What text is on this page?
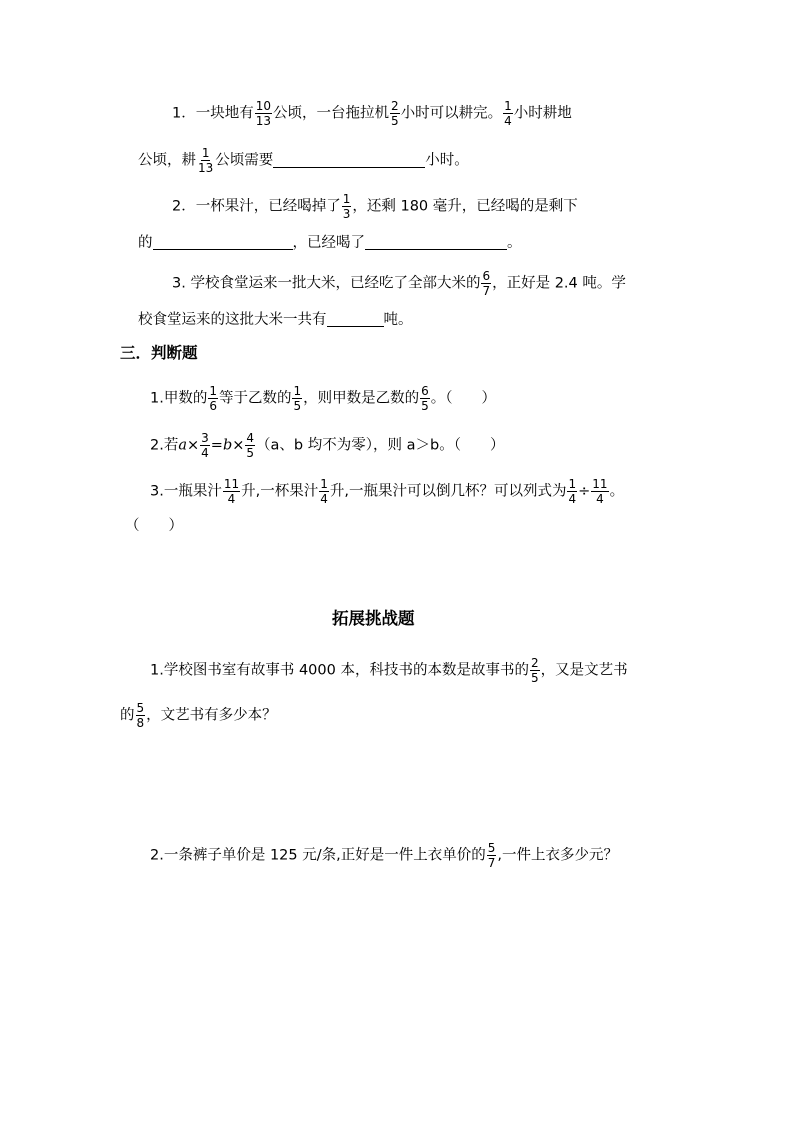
1．一块地有 $\frac{10}{13}$ 公顷，一台拖拉机 $\frac{2}{5}$ 小时可以耕完。 $\frac{1}{4}$ 小时耕地
公顷，耕 $\frac{1}{13}$ 公顷需要	小时。
2．一杯果汁，已经喝掉了 $\frac{1}{3}$ ，还剩 180 毫升，已经喝的是剩下
的	，已经喝了	。
3. 学校食堂运来一批大米，已经吃了全部大米的 $\frac{6}{7}$ ，正好是 2.4 吨。学
校食堂运来的这批大米一共有	吨。
三．判断题
1.甲数的 $\frac{1}{6}$ 等于乙数的 $\frac{1}{5}$ ，则甲数是乙数的 $\frac{6}{5}$ 。（　　）
2.若$a\times \frac{3}{4} =b\times \frac{4}{5} (a$、b 均不为零），则 a＞b。（　　）
3.一瓶果汁 $\frac{11}{4}$ 升,一杯果汁 $\frac{1}{4}$ 升,一瓶果汁可以倒几杯？可以列式为 $\frac{1}{4} \div \frac{11}{4}$ 。
（　　）
拓展挑战题
1.学校图书室有故事书 4000 本，科技书的本数是故事书的 $\frac{2}{5}$ ，又是文艺书
的 $\frac{5}{8}$ ，文艺书有多少本？
2.一条裤子单价是 125 元/条,正好是一件上衣单价的 $\frac{5}{7}$ ,一件上衣多少元？
